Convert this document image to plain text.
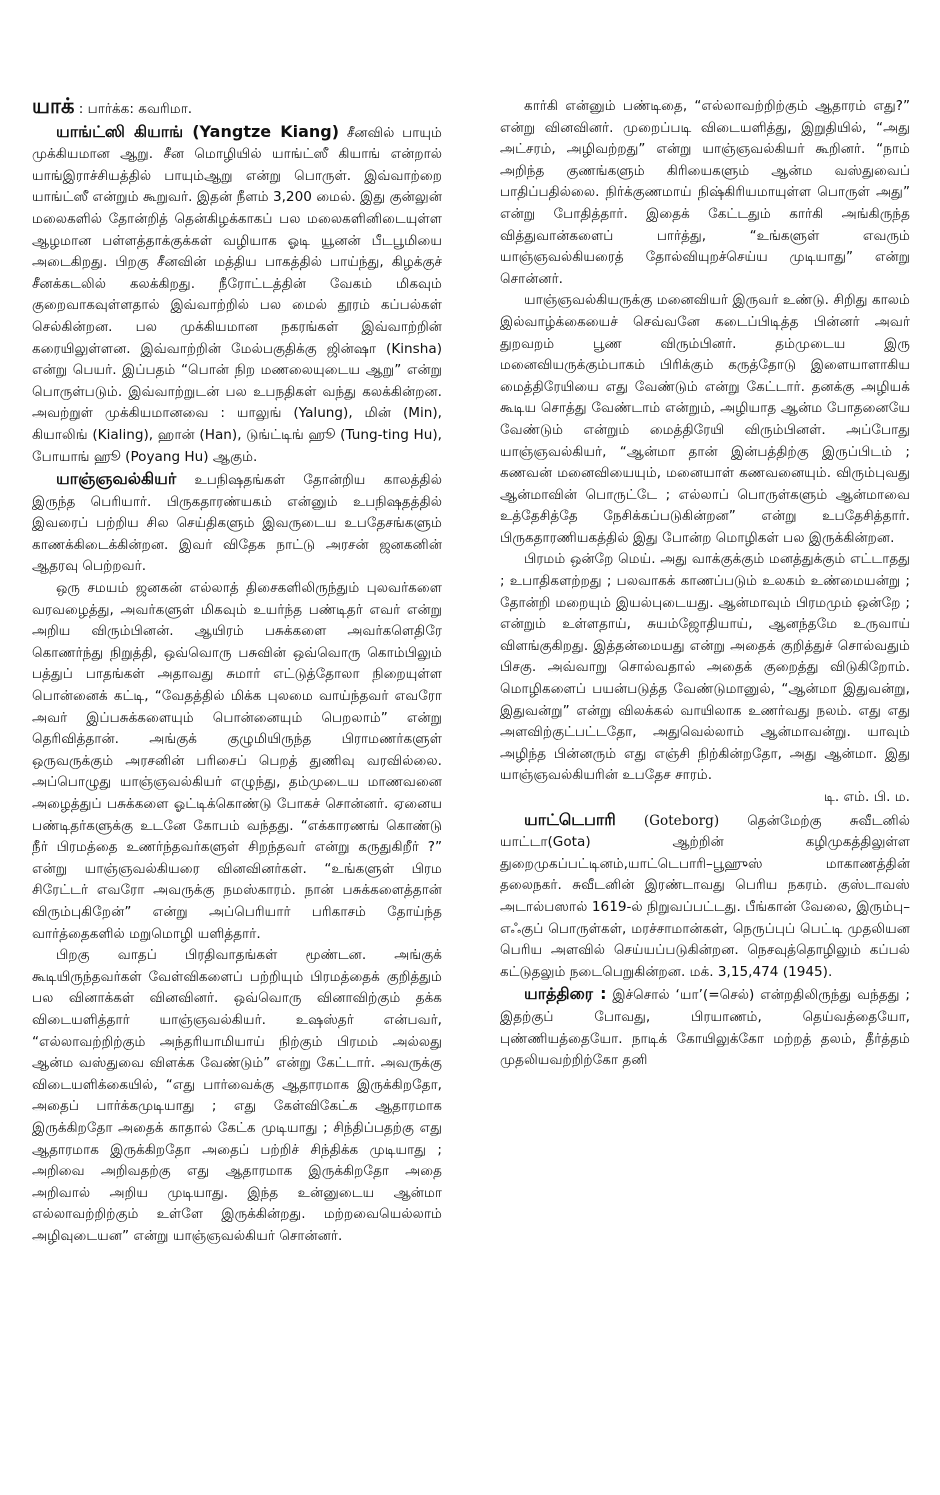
யாக் : பார்க்க: கவரிமா.

யாங்ட்ஸி கியாங் (Yangtze Kiang) சீனவில் பாயும் முக்கியமான ஆறு. சீன மொழியில் யாங்ட்ஸீ கியாங் என்றால் யாங்இராச்சியத்தில் பாயும்ஆறு என்று பொருள். இவ்வாற்றை யாங்ட்ஸீ என்றும் கூறுவர். இதன் நீளம் 3,200 மைல். இது குன்லுன் மலைகளில் தோன்றித் தென்கிழக்காகப் பல மலைகளினிடையுள்ள ஆழமான பள்ளத்தாக்குக்கள் வழியாக ஓடி யூனன் பீடபூமியை அடைகிறது. பிறகு சீனவின் மத்திய பாகத்தில் பாய்ந்து, கிழக்குச் சீனக்கடலில் கலக்கிறது. நீரோட்டத்தின் வேகம் மிகவும் குறைவாகவுள்ளதால் இவ்வாற்றில் பல மைல் தூரம் கப்பல்கள் செல்கின்றன. பல முக்கியமான நகரங்கள் இவ்வாற்றின் கரையிலுள்ளன. இவ்வாற்றின் மேல்பகுதிக்கு ஜின்ஷா (Kinsha) என்று பெயர். இப்பதம் “பொன் நிற மணலையுடைய ஆறு” என்று பொருள்படும். இவ்வாற்றுடன் பல உபநதிகள் வந்து கலக்கின்றன. அவற்றுள் முக்கியமானவை : யாலுங் (Yalung), மின் (Min), கியாலிங் (Kialing), ஹான் (Han), டுங்ட்டிங் ஹூ (Tung-ting Hu), போயாங் ஹூ (Poyang Hu) ஆகும்.

யாஞ்ஞவல்கியர் உபநிஷதங்கள் தோன்றிய காலத்தில் இருந்த பெரியார். பிருகதாரண்யகம் என்னும் உபநிஷதத்தில் இவரைப் பற்றிய சில செய்திகளும் இவருடைய உபதேசங்களும் காணக்கிடைக்கின்றன. இவர் விதேக நாட்டு அரசன் ஜனகனின் ஆதரவு பெற்றவர்.

ஒரு சமயம் ஜனகன் எல்லாத் திசைகளிலிருந்தும் புலவர்களை வரவழைத்து, அவர்களுள் மிகவும் உயர்ந்த பண்டிதர் எவர் என்று அறிய விரும்பினன். ஆயிரம் பசுக்களை அவர்களெதிரே கொணர்ந்து நிறுத்தி, ஒவ்வொரு பசுவின் ஒவ்வொரு கொம்பிலும் பத்துப் பாதங்கள் அதாவது சுமார் எட்டுத்தோலா நிறையுள்ள பொன்னைக் கட்டி, “வேதத்தில் மிக்க புலமை வாய்ந்தவர் எவரோ அவர் இப்பசுக்களையும் பொன்னையும் பெறலாம்” என்று தெரிவித்தான். அங்குக் குழுமியிருந்த பிராமணர்களுள் ஒருவருக்கும் அரசனின் பரிசைப் பெறத் துணிவு வரவில்லை. அப்பொழுது யாஞ்ஞவல்கியர் எழுந்து, தம்முடைய மாணவனை அழைத்துப் பசுக்களை ஓட்டிக்கொண்டு போகச் சொன்னர். ஏனைய பண்டிதர்களுக்கு உடனே கோபம் வந்தது. “எக்காரணங் கொண்டு நீர் பிரமத்தை உணர்ந்தவர்களுள் சிறந்தவர் என்று கருதுகிறீர் ?” என்று யாஞ்ஞவல்கியரை வினவினர்கள். “உங்களுள் பிரம சிரேட்டர் எவரோ அவருக்கு நமஸ்காரம். நான் பசுக்களைத்தான் விரும்புகிறேன்” என்று அப்பெரியார் பரிகாசம் தோய்ந்த வார்த்தைகளில் மறுமொழி யளித்தார்.

பிறகு வாதப் பிரதிவாதங்கள் மூண்டன. அங்குக் கூடியிருந்தவர்கள் வேள்விகளைப் பற்றியும் பிரமத்தைக் குறித்தும் பல வினாக்கள் வினவினர். ஒவ்வொரு வினாவிற்கும் தக்க விடையளித்தார் யாஞ்ஞவல்கியர். உஷஸ்தர் என்பவர், “எல்லாவற்றிற்கும் அந்தரியாமியாய் நிற்கும் பிரமம் அல்லது ஆன்ம வஸ்துவை விளக்க வேண்டும்” என்று கேட்டார். அவருக்கு விடையளிக்கையில், “எது பார்வைக்கு ஆதாரமாக இருக்கிறதோ, அதைப் பார்க்கமுடியாது ; எது கேள்விகேட்க ஆதாரமாக இருக்கிறதோ அதைக் காதால் கேட்க முடியாது ; சிந்திப்பதற்கு எது ஆதாரமாக இருக்கிறதோ அதைப் பற்றிச் சிந்திக்க முடியாது ; அறிவை அறிவதற்கு எது ஆதாரமாக இருக்கிறதோ அதை அறிவால் அறிய முடியாது. இந்த உன்னுடைய ஆன்மா எல்லாவற்றிற்கும் உள்ளே இருக்கின்றது. மற்றவையெல்லாம் அழிவுடையன” என்று யாஞ்ஞவல்கியர் சொன்னர்.

கார்கி என்னும் பண்டிதை, “எல்லாவற்றிற்கும் ஆதாரம் எது?” என்று வினவினர். முறைப்படி விடையளித்து, இறுதியில், “அது அட்சரம், அழிவற்றது” என்று யாஞ்ஞவல்கியர் கூறினர். “நாம் அறிந்த குணங்களும் கிரியைகளும் ஆன்ம வஸ்துவைப் பாதிப்பதில்லை. நிர்க்குணமாய் நிஷ்கிரியமாயுள்ள பொருள் அது” என்று போதித்தார். இதைக் கேட்டதும் கார்கி அங்கிருந்த வித்துவான்களைப் பார்த்து, “உங்களுள் எவரும் யாஞ்ஞவல்கியரைத் தோல்வியுறச்செய்ய முடியாது” என்று சொன்னர்.

யாஞ்ஞவல்கியருக்கு மனைவியர் இருவர் உண்டு. சிறிது காலம் இல்வாழ்க்கையைச் செவ்வனே கடைப்பிடித்த பின்னர் அவர் துறவறம் பூண விரும்பினர். தம்முடைய இரு மனைவியருக்கும்பாகம் பிரிக்கும் கருத்தோடு இளையாளாகிய மைத்திரேயியை எது வேண்டும் என்று கேட்டார். தனக்கு அழியக் கூடிய சொத்து வேண்டாம் என்றும், அழியாத ஆன்ம போதனையே வேண்டும் என்றும் மைத்திரேயி விரும்பினள். அப்போது யாஞ்ஞவல்கியர், “ஆன்மா தான் இன்பத்திற்கு இருப்பிடம் ; கணவன் மனைவியையும், மனையாள் கணவனையும். விரும்புவது ஆன்மாவின் பொருட்டே ; எல்லாப் பொருள்களும் ஆன்மாவை உத்தேசித்தே நேசிக்கப்படுகின்றன” என்று உபதேசித்தார். பிருகதாரணியகத்தில் இது போன்ற மொழிகள் பல இருக்கின்றன.

பிரமம் ஒன்றே மெய். அது வாக்குக்கும் மனத்துக்கும் எட்டாதது ; உபாதிகளற்றது ; பலவாகக் காணப்படும் உலகம் உண்மையன்று ; தோன்றி மறையும் இயல்புடையது. ஆன்மாவும் பிரமமும் ஒன்றே ; என்றும் உள்ளதாய், சுயம்ஜோதியாய், ஆனந்தமே உருவாய் விளங்குகிறது. இத்தன்மையது என்று அதைக் குறித்துச் சொல்வதும் பிசகு. அவ்வாறு சொல்வதால் அதைக் குறைத்து விடுகிறோம். மொழிகளைப் பயன்படுத்த வேண்டுமானுல், “ஆன்மா இதுவன்று, இதுவன்று” என்று விலக்கல் வாயிலாக உணர்வது நலம். எது எது அளவிற்குட்பட்டதோ, அதுவெல்லாம் ஆன்மாவன்று. யாவும் அழிந்த பின்னரும் எது எஞ்சி நிற்கின்றதோ, அது ஆன்மா. இது யாஞ்ஞவல்கியரின் உபதேச சாரம்.

டி. எம். பி. ம.

யாட்டெபாரி (Goteborg) தென்மேற்கு சுவீடனில் யாட்டா(Gota) ஆற்றின் கழிமுகத்திலுள்ள துறைமுகப்பட்டினம்,யாட்டெபாரி–பூஹுஸ் மாகாணத்தின் தலைநகர். சுவீடனின் இரண்டாவது பெரிய நகரம். குஸ்டாவஸ் அடால்பஸால் 1619-ல் நிறுவப்பட்டது. பீங்கான் வேலை, இரும்பு–எஃகுப் பொருள்கள், மரச்சாமான்கள், நெருப்புப் பெட்டி முதலியன பெரிய அளவில் செய்யப்படுகின்றன. நெசவுத்தொழிலும் கப்பல் கட்டுதலும் நடைபெறுகின்றன. மக். 3,15,474 (1945).

யாத்திரை : இச்சொல் ‘யா’(=செல்) என்றதிலிருந்து வந்தது ; இதற்குப் போவது, பிரயாணம், தெய்வத்தையோ, புண்ணியத்தையோ. நாடிக் கோயிலுக்கோ மற்றத் தலம், தீர்த்தம் முதலியவற்றிற்கோ தனி
